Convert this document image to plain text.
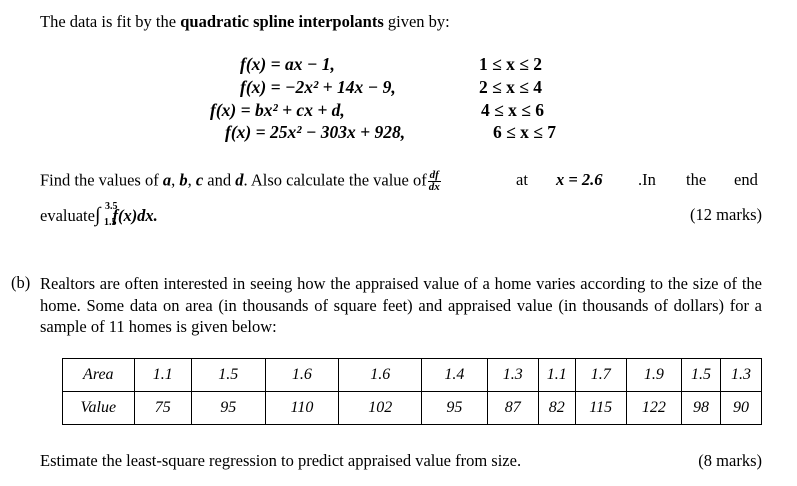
The data is fit by the quadratic spline interpolants given by:
f(x) = ax − 1,	1 ≤ x ≤ 2
f(x) = −2x² + 14x − 9,	2 ≤ x ≤ 4
f(x) = bx² + cx + d,	4 ≤ x ≤ 6
f(x) = 25x² − 303x + 928,	6 ≤ x ≤ 7
Find the values of a, b, c and d. Also calculate the value of $\frac{df}{dx}$	at x = 2.6 .In the end
evaluate∫ 3.5
1.5
f(x)dx.	(12 marks)
(b) Realtors are often interested in seeing how the appraised value of a home varies according to the size of the home. Some data on area (in thousands of square feet) and appraised value (in thousands of dollars) for a sample of 11 homes is given below:
Area	1.1	1.5	1.6	1.6	1.4	1.3	1.1	1.7	1.9	1.5	1.3
Value	75	95	110	102	95	87	82	115	122	98	90
Estimate the least-square regression to predict appraised value from size.	(8 marks)
